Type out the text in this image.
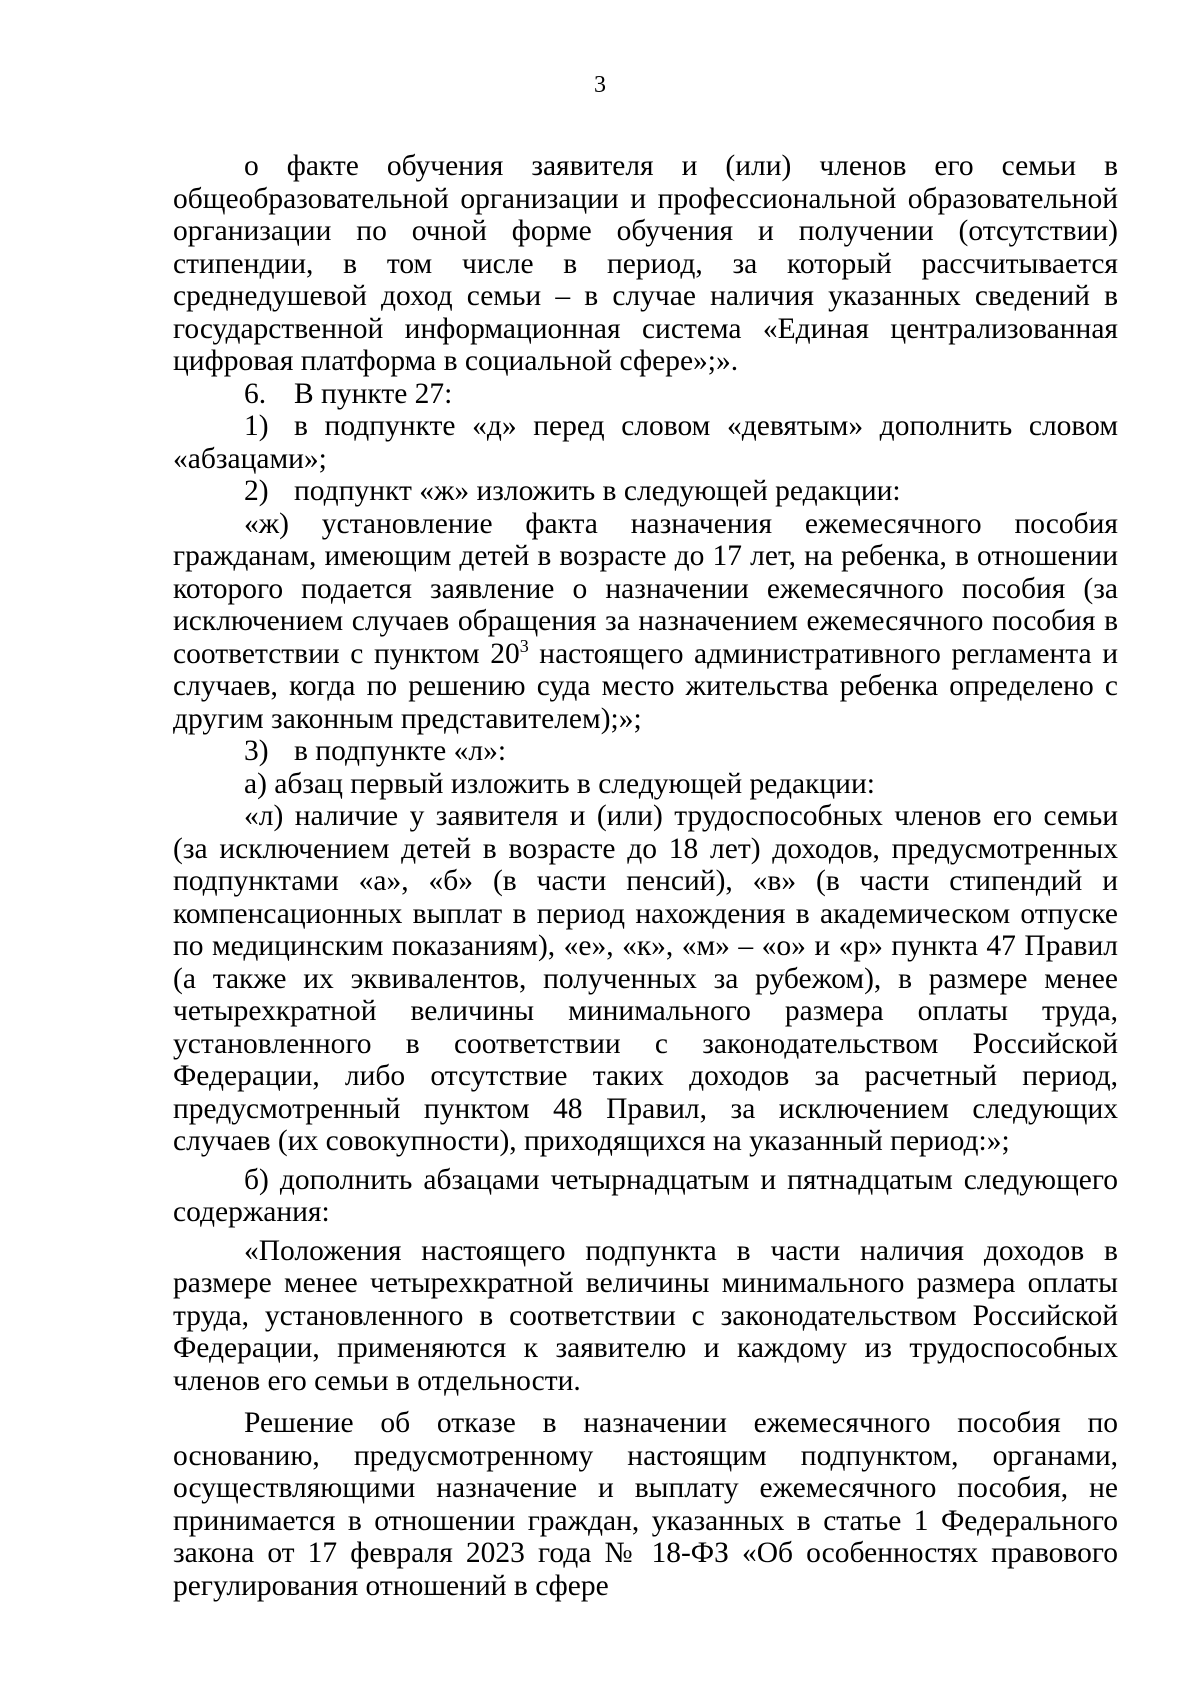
3

о факте обучения заявителя и (или) членов его семьи в общеобразовательной организации и профессиональной образовательной организации по очной форме обучения и получении (отсутствии) стипендии, в том числе в период, за который рассчитывается среднедушевой доход семьи – в случае наличия указанных сведений в государственной информационная система «Единая централизованная цифровая платформа в социальной сфере»;».

6. В пункте 27:

1) в подпункте «д» перед словом «девятым» дополнить словом «абзацами»;

2) подпункт «ж» изложить в следующей редакции:

«ж) установление факта назначения ежемесячного пособия гражданам, имеющим детей в возрасте до 17 лет, на ребенка, в отношении которого подается заявление о назначении ежемесячного пособия (за исключением случаев обращения за назначением ежемесячного пособия в соответствии с пунктом $20^3$ настоящего административного регламента и случаев, когда по решению суда место жительства ребенка определено с другим законным представителем);»;

3) в подпункте «л»:

а) абзац первый изложить в следующей редакции:

«л) наличие у заявителя и (или) трудоспособных членов его семьи (за исключением детей в возрасте до 18 лет) доходов, предусмотренных подпунктами «а», «б» (в части пенсий), «в» (в части стипендий и компенсационных выплат в период нахождения в академическом отпуске по медицинским показаниям), «е», «к», «м» – «о» и «р» пункта 47 Правил (а также их эквивалентов, полученных за рубежом), в размере менее четырехкратной величины минимального размера оплаты труда, установленного в соответствии с законодательством Российской Федерации, либо отсутствие таких доходов за расчетный период, предусмотренный пунктом 48 Правил, за исключением следующих случаев (их совокупности), приходящихся на указанный период:»;

б) дополнить абзацами четырнадцатым и пятнадцатым следующего содержания:

«Положения настоящего подпункта в части наличия доходов в размере менее четырехкратной величины минимального размера оплаты труда, установленного в соответствии с законодательством Российской Федерации, применяются к заявителю и каждому из трудоспособных членов его семьи в отдельности.

Решение об отказе в назначении ежемесячного пособия по основанию, предусмотренному настоящим подпунктом, органами, осуществляющими назначение и выплату ежемесячного пособия, не принимается в отношении граждан, указанных в статье 1 Федерального закона от 17 февраля 2023 года № 18-ФЗ «Об особенностях правового регулирования отношений в сфере
